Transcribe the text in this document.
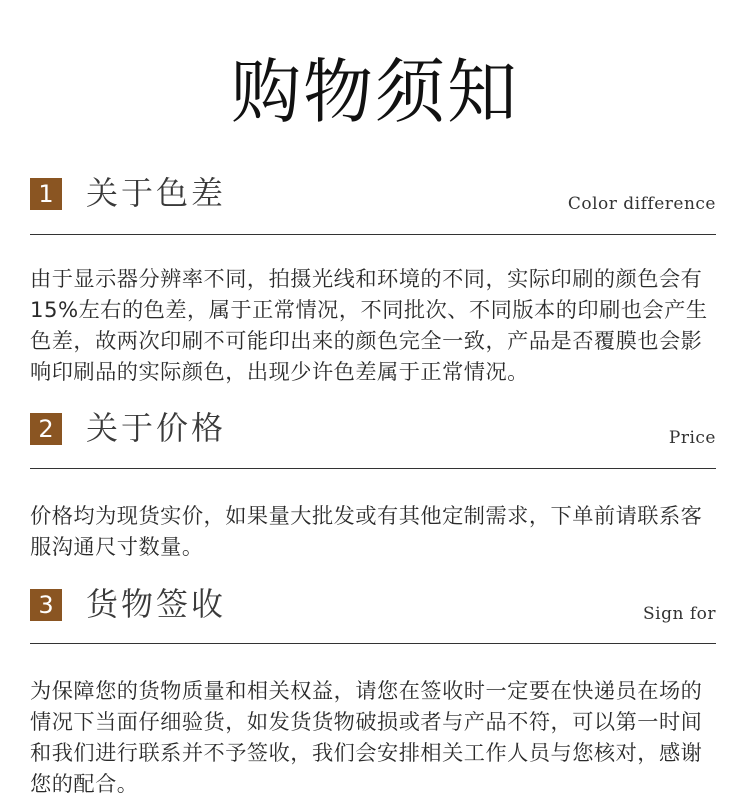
购物须知
1 关于色差	Color difference
由于显示器分辨率不同，拍摄光线和环境的不同，实际印刷的颜色会有15%左右的色差，属于正常情况，不同批次、不同版本的印刷也会产生色差，故两次印刷不可能印出来的颜色完全一致，产品是否覆膜也会影响印刷品的实际颜色，出现少许色差属于正常情况。
2 关于价格	Price
价格均为现货实价，如果量大批发或有其他定制需求，下单前请联系客服沟通尺寸数量。
3 货物签收	Sign for
为保障您的货物质量和相关权益，请您在签收时一定要在快递员在场的情况下当面仔细验货，如发货货物破损或者与产品不符，可以第一时间和我们进行联系并不予签收，我们会安排相关工作人员与您核对，感谢您的配合。
